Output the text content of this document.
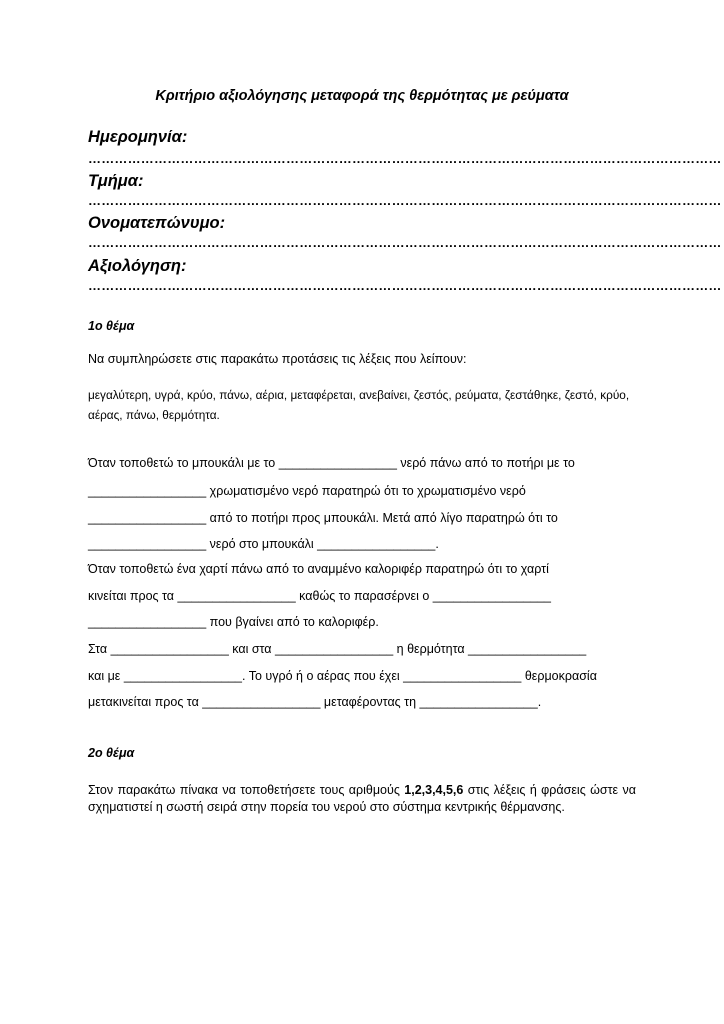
Κριτήριο αξιολόγησης μεταφορά της θερμότητας με ρεύματα
Ημερομηνία:
………………………………………………………………………………………………………………………………
Τμήμα:
………………………………………………………………………………………………………………………………
Ονοματεπώνυμο:
………………………………………………………………………………………………………………………………
Αξιολόγηση:
………………………………………………………………………………………………………………………………
1ο θέμα
Να συμπληρώσετε στις παρακάτω προτάσεις τις λέξεις που λείπουν:
μεγαλύτερη, υγρά, κρύο, πάνω, αέρια, μεταφέρεται, ανεβαίνει, ζεστός, ρεύματα, ζεστάθηκε, ζεστό, κρύο, αέρας, πάνω, θερμότητα.
Όταν τοποθετώ το μπουκάλι με το _________________ νερό πάνω από το ποτήρι με το
_________________ χρωματισμένο νερό παρατηρώ ότι το χρωματισμένο νερό
_________________ από το ποτήρι προς μπουκάλι. Μετά από λίγο παρατηρώ ότι το
_________________ νερό στο μπουκάλι _________________.
Όταν τοποθετώ ένα χαρτί πάνω από το αναμμένο καλοριφέρ παρατηρώ ότι το χαρτί
κινείται προς τα _________________ καθώς το παρασέρνει ο _________________
_________________ που βγαίνει από το καλοριφέρ.
Στα _________________ και στα _________________ η θερμότητα _________________
και με _________________. Το υγρό ή ο αέρας που έχει _________________ θερμοκρασία
μετακινείται προς τα _________________ μεταφέροντας τη _________________.
2ο θέμα
Στον παρακάτω πίνακα να τοποθετήσετε τους αριθμούς 1,2,3,4,5,6 στις λέξεις ή φράσεις ώστε να σχηματιστεί η σωστή σειρά στην πορεία του νερού στο σύστημα κεντρικής θέρμανσης.
